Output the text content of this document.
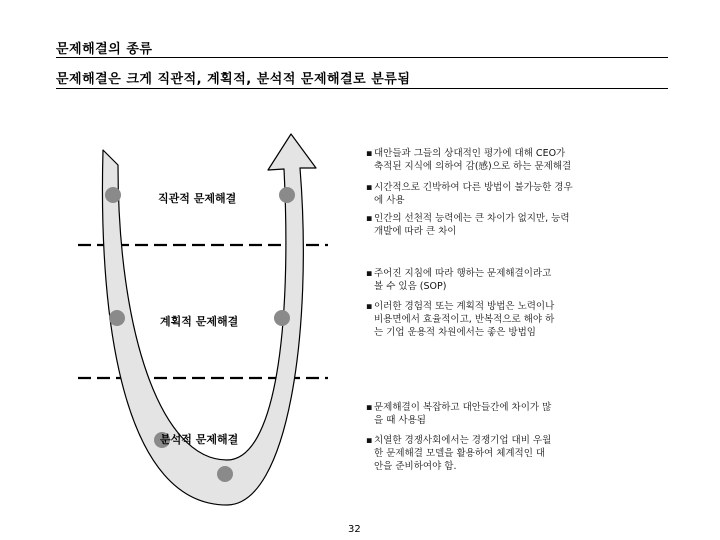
문제해결의 종류
문제해결은 크게 직관적, 계획적, 분석적 문제해결로 분류됨
직관적 문제해결
계획적 문제해결
분석적 문제해결
▪ 대안들과 그들의 상대적인 평가에 대해 CEO가
축적된 지식에 의하여 감(感)으로 하는 문제해결
▪ 시간적으로 긴박하여 다른 방법이 불가능한 경우
에 사용
▪ 인간의 선천적 능력에는 큰 차이가 없지만, 능력
개발에 따라 큰 차이
▪ 주어진 지침에 따라 행하는 문제해결이라고
볼 수 있음 (SOP)
▪ 이러한 경험적 또는 계획적 방법은 노력이나
비용면에서 효율적이고, 반복적으로 해야 하
는 기업 운용적 차원에서는 좋은 방법임
▪ 문제해결이 복잡하고 대안들간에 차이가 많
을 때 사용됨
▪ 치열한 경쟁사회에서는 경쟁기업 대비 우월
한 문제해결 모델을 활용하여 체계적인 대
안을 준비하여야 함.
32
